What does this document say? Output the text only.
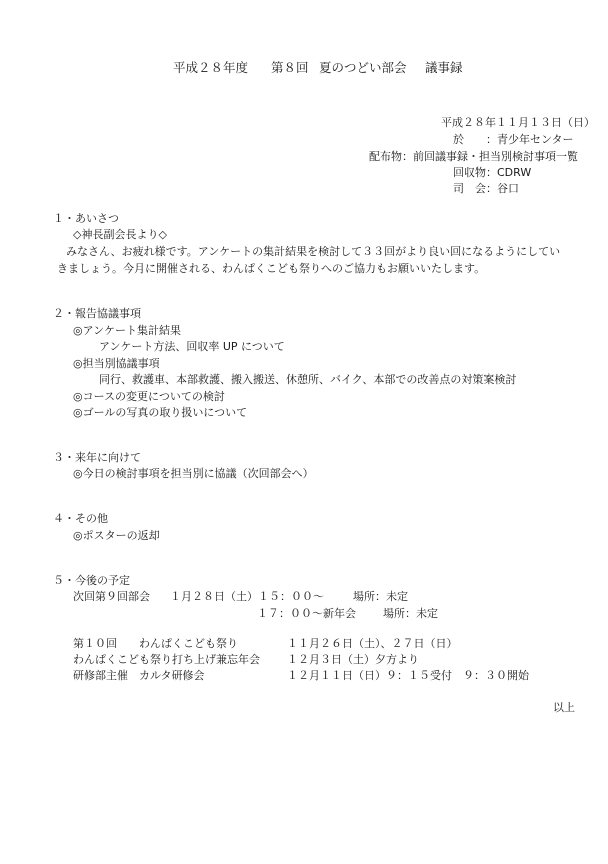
平成２８年度 第８回 夏のつどい部会 議事録
平成２８年１１月１３日（日）
於　　：青少年センター
配布物：前回議事録・担当別検討事項一覧
回収物：CDRW
司　会：谷口
１・あいさつ
◇神長副会長より◇
みなさん、お疲れ様です。アンケートの集計結果を検討して３３回がより良い回になるようにしてい
きましょう。今月に開催される、わんぱくこども祭りへのご協力もお願いいたします。
２・報告協議事項
◎アンケート集計結果
アンケート方法、回収率 UP について
◎担当別協議事項
同行、救護車、本部救護、搬入搬送、休憩所、バイク、本部での改善点の対策案検討
◎コースの変更についての検討
◎ゴールの写真の取り扱いについて
３・来年に向けて
◎今日の検討事項を担当別に協議（次回部会へ）
４・その他
◎ポスターの返却
５・今後の予定
次回第９回部会 １月２８日（土）１５：００～	場所：未定
１７：００～ 新年会 場所：未定
第１０回　　わんぱくこども祭り	１１月２６日（土）、２７日（日）
わんぱくこども祭り打ち上げ兼忘年会 １２月３日（土）夕方より
研修部主催　カルタ研修会	１２月１１日（日）９：１５受付　９：３０開始
以上
